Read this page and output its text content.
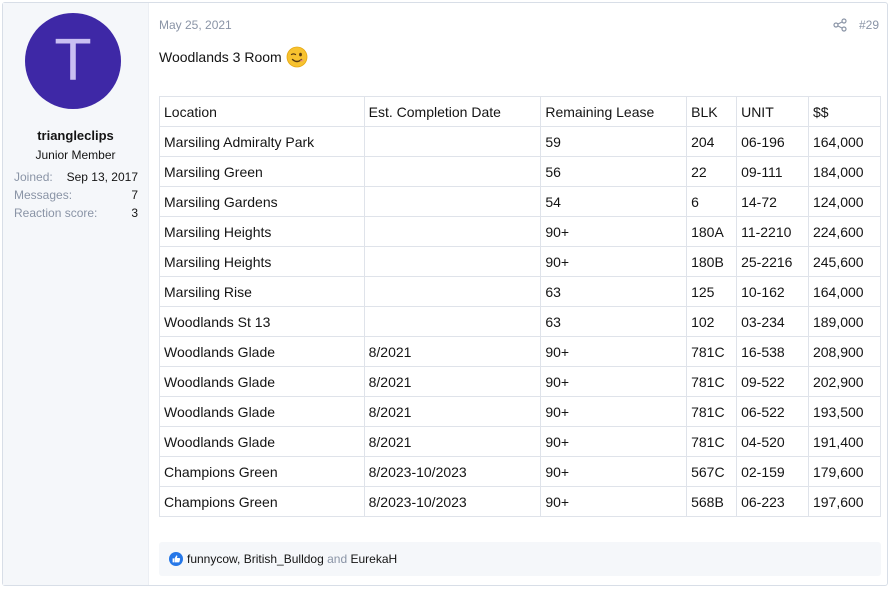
T
triangleclips
Junior Member
Joined: Sep 13, 2017
Messages:	7
Reaction score:	3
May 25, 2021	#29
Woodlands 3 Room
Location	Est. Completion Date	Remaining Lease	BLK	UNIT	$$
Marsiling Admiralty Park		59	204	06-196	164,000
Marsiling Green		56	22	09-111	184,000
Marsiling Gardens		54	6	14-72	124,000
Marsiling Heights		90+	180A	11-2210	224,600
Marsiling Heights		90+	180B	25-2216	245,600
Marsiling Rise		63	125	10-162	164,000
Woodlands St 13		63	102	03-234	189,000
Woodlands Glade	8/2021	90+	781C	16-538	208,900
Woodlands Glade	8/2021	90+	781C	09-522	202,900
Woodlands Glade	8/2021	90+	781C	06-522	193,500
Woodlands Glade	8/2021	90+	781C	04-520	191,400
Champions Green	8/2023-10/2023	90+	567C	02-159	179,600
Champions Green	8/2023-10/2023	90+	568B	06-223	197,600
funnycow, British_Bulldog and EurekaH
